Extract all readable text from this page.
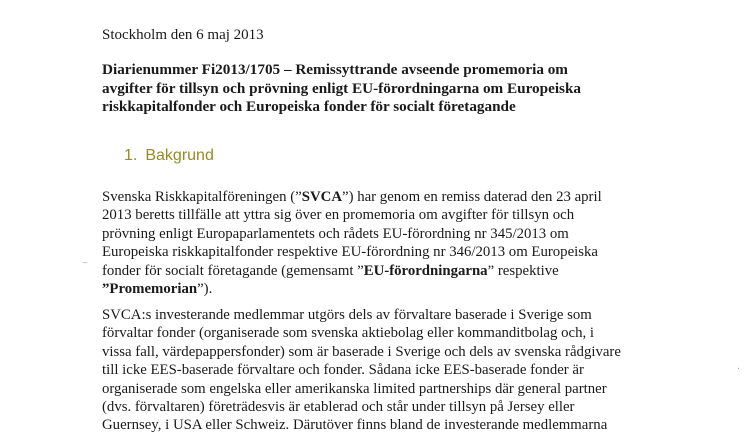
Stockholm den 6 maj 2013
Diarienummer Fi2013/1705 – Remissyttrande avseende promemoria om
avgifter för tillsyn och prövning enligt EU-förordningarna om Europeiska
riskkapitalfonder och Europeiska fonder för socialt företagande
1. Bakgrund
Svenska Riskkapitalföreningen (”SVCA”) har genom en remiss daterad den 23 april
2013 beretts tillfälle att yttra sig över en promemoria om avgifter för tillsyn och
prövning enligt Europaparlamentets och rådets EU-förordning nr 345/2013 om
Europeiska riskkapitalfonder respektive EU-förordning nr 346/2013 om Europeiska
fonder för socialt företagande (gemensamt ”EU-förordningarna” respektive
”Promemorian”).
SVCA:s investerande medlemmar utgörs dels av förvaltare baserade i Sverige som
förvaltar fonder (organiserade som svenska aktiebolag eller kommanditbolag och, i
vissa fall, värdepappersfonder) som är baserade i Sverige och dels av svenska rådgivare
till icke EES-baserade förvaltare och fonder. Sådana icke EES-baserade fonder är
organiserade som engelska eller amerikanska limited partnerships där general partner
(dvs. förvaltaren) företrädesvis är etablerad och står under tillsyn på Jersey eller
Guernsey, i USA eller Schweiz. Därutöver finns bland de investerande medlemmarna
⁻
·
